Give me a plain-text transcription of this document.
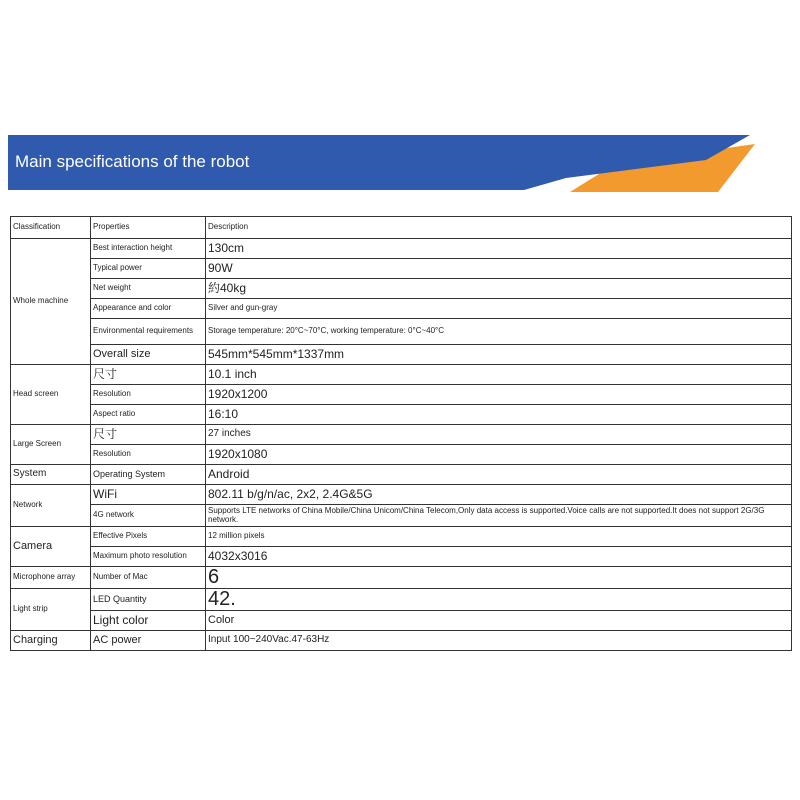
Main specifications of the robot
Classification	Properties	Description
Whole machine	Best interaction height	130cm
	Typical power	90W
	Net weight	約40kg
	Appearance and color	Silver and gun-gray
	Environmental requirements	Storage temperature: 20°C~70°C, working temperature: 0°C~40°C
	Overall size	545mm*545mm*1337mm
Head screen	尺寸	10.1 inch
	Resolution	1920x1200
	Aspect ratio	16:10
Large Screen	尺寸	27 inches
	Resolution	1920x1080
System	Operating System	Android
Network	WiFi	802.11 b/g/n/ac, 2x2, 2.4G&5G
	4G network	Supports LTE networks of China Mobile/China Unicom/China Telecom,Only data access is supported.Voice calls are not supported.It does not support 2G/3G network.
Camera	Effective Pixels	12 million pixels
	Maximum photo resolution	4032x3016
Microphone array	Number of Mac	6
Light strip	LED Quantity	42.
	Light color	Color
Charging	AC power	Input 100~240Vac.47-63Hz
